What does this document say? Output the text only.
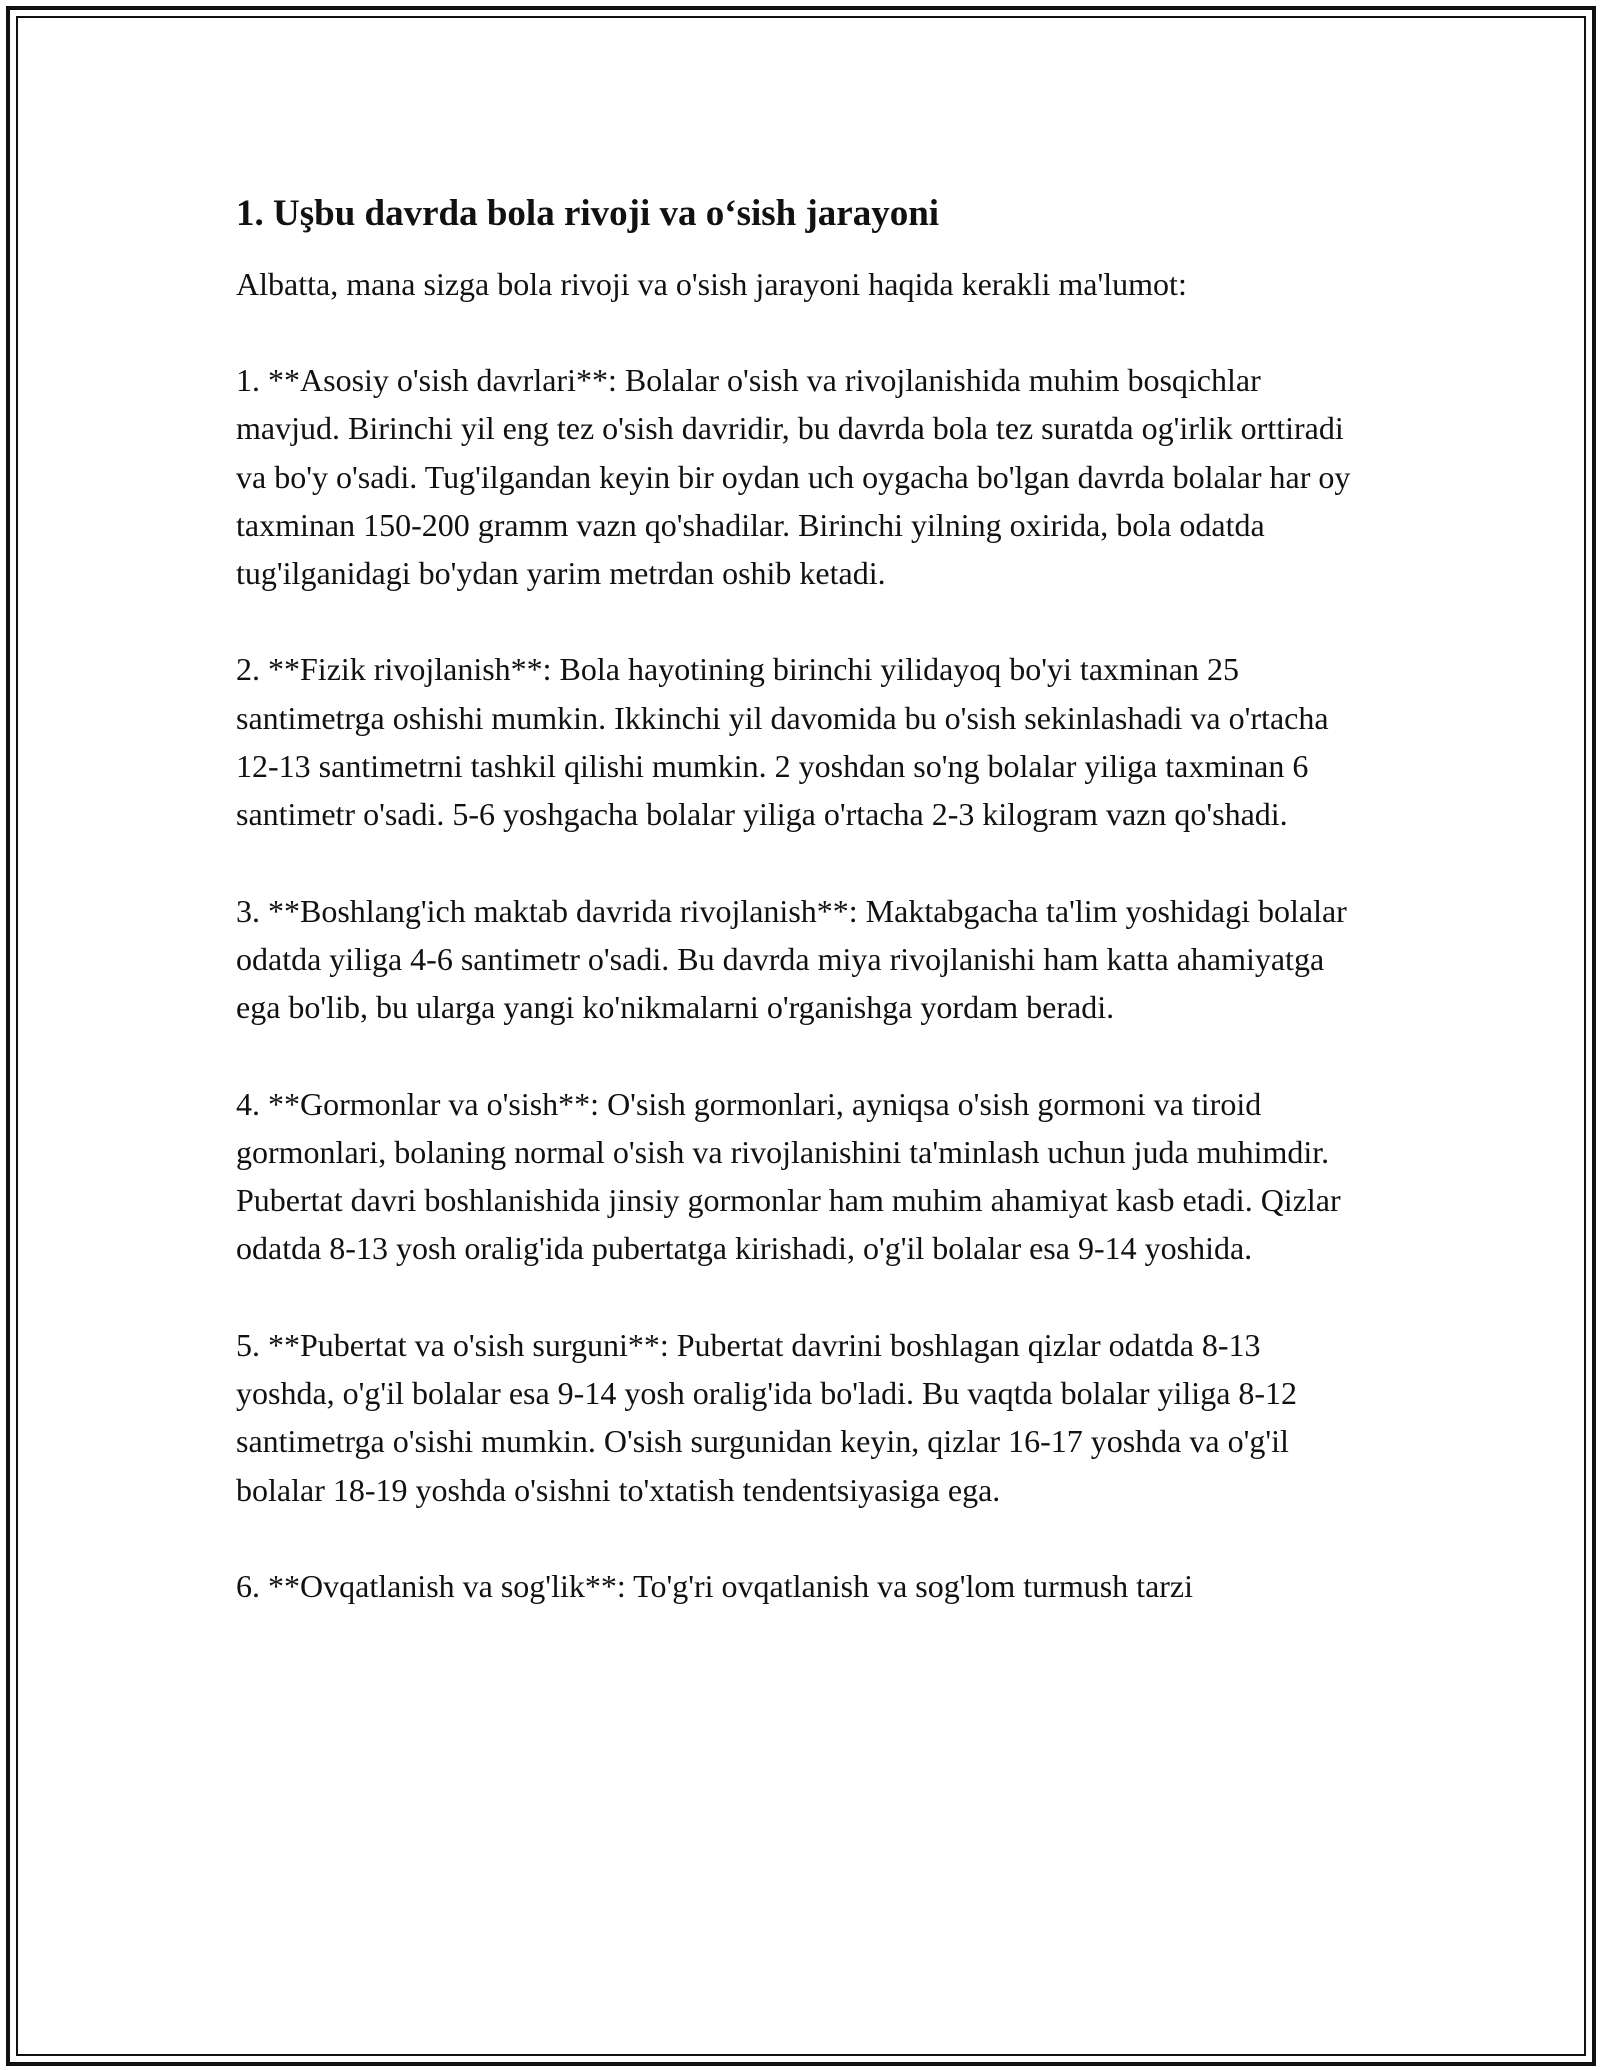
1. Uşbu davrda bola rivoji va o‘sish jarayoni
Albatta, mana sizga bola rivoji va o'sish jarayoni haqida kerakli ma'lumot:
1. **Asosiy o'sish davrlari**: Bolalar o'sish va rivojlanishida muhim bosqichlar mavjud. Birinchi yil eng tez o'sish davridir, bu davrda bola tez suratda og'irlik orttiradi va bo'y o'sadi. Tug'ilgandan keyin bir oydan uch oygacha bo'lgan davrda bolalar har oy taxminan 150-200 gramm vazn qo'shadilar. Birinchi yilning oxirida, bola odatda tug'ilganidagi bo'ydan yarim metrdan oshib ketadi.
2. **Fizik rivojlanish**: Bola hayotining birinchi yilidayoq bo'yi taxminan 25 santimetrga oshishi mumkin. Ikkinchi yil davomida bu o'sish sekinlashadi va o'rtacha 12-13 santimetrni tashkil qilishi mumkin. 2 yoshdan so'ng bolalar yiliga taxminan 6 santimetr o'sadi. 5-6 yoshgacha bolalar yiliga o'rtacha 2-3 kilogram vazn qo'shadi.
3. **Boshlang'ich maktab davrida rivojlanish**: Maktabgacha ta'lim yoshidagi bolalar odatda yiliga 4-6 santimetr o'sadi. Bu davrda miya rivojlanishi ham katta ahamiyatga ega bo'lib, bu ularga yangi ko'nikmalarni o'rganishga yordam beradi.
4. **Gormonlar va o'sish**: O'sish gormonlari, ayniqsa o'sish gormoni va tiroid gormonlari, bolaning normal o'sish va rivojlanishini ta'minlash uchun juda muhimdir. Pubertat davri boshlanishida jinsiy gormonlar ham muhim ahamiyat kasb etadi. Qizlar odatda 8-13 yosh oralig'ida pubertatga kirishadi, o'g'il bolalar esa 9-14 yoshida.
5. **Pubertat va o'sish surguni**: Pubertat davrini boshlagan qizlar odatda 8-13 yoshda, o'g'il bolalar esa 9-14 yosh oralig'ida bo'ladi. Bu vaqtda bolalar yiliga 8-12 santimetrga o'sishi mumkin. O'sish surgunidan keyin, qizlar 16-17 yoshda va o'g'il bolalar 18-19 yoshda o'sishni to'xtatish tendentsiyasiga ega.
6. **Ovqatlanish va sog'lik**: To'g'ri ovqatlanish va sog'lom turmush tarzi
